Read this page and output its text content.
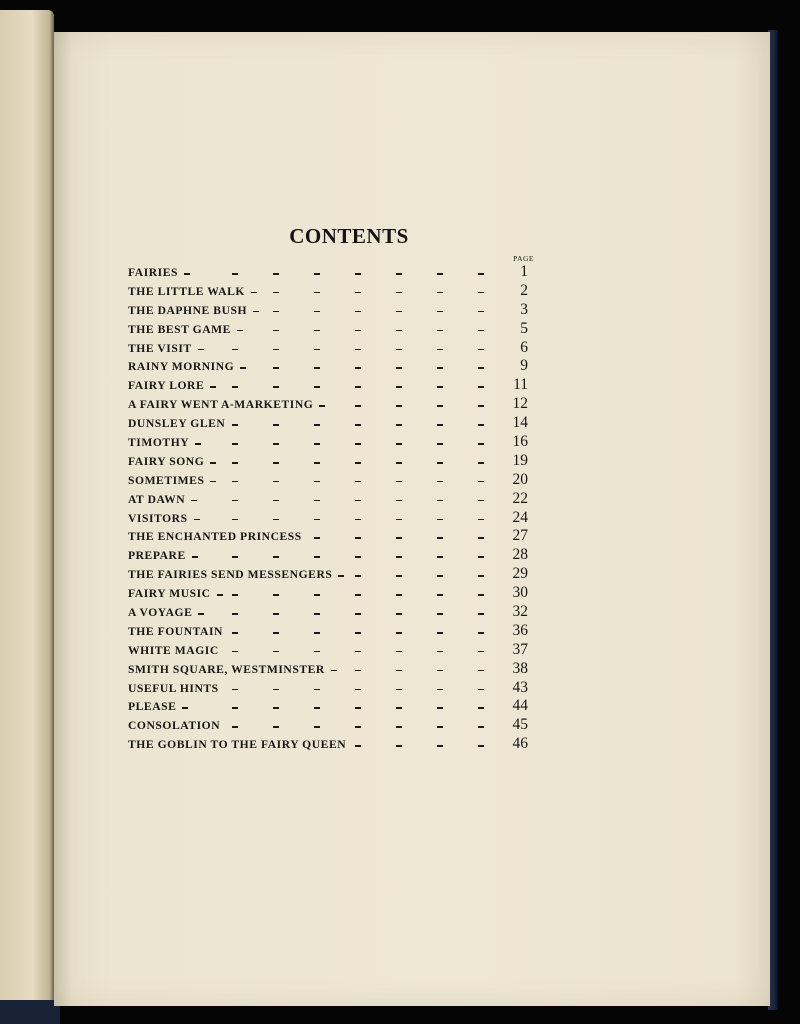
CONTENTS
PAGE
FAIRIES	1
THE LITTLE WALK	2
THE DAPHNE BUSH	3
THE BEST GAME	5
THE VISIT	6
RAINY MORNING	9
FAIRY LORE	11
A FAIRY WENT A-MARKETING	12
DUNSLEY GLEN	14
TIMOTHY	16
FAIRY SONG	19
SOMETIMES	20
AT DAWN	22
VISITORS	24
THE ENCHANTED PRINCESS	27
PREPARE	28
THE FAIRIES SEND MESSENGERS	29
FAIRY MUSIC	30
A VOYAGE	32
THE FOUNTAIN	36
WHITE MAGIC	37
SMITH SQUARE, WESTMINSTER	38
USEFUL HINTS	43
PLEASE	44
CONSOLATION	45
THE GOBLIN TO THE FAIRY QUEEN	46
